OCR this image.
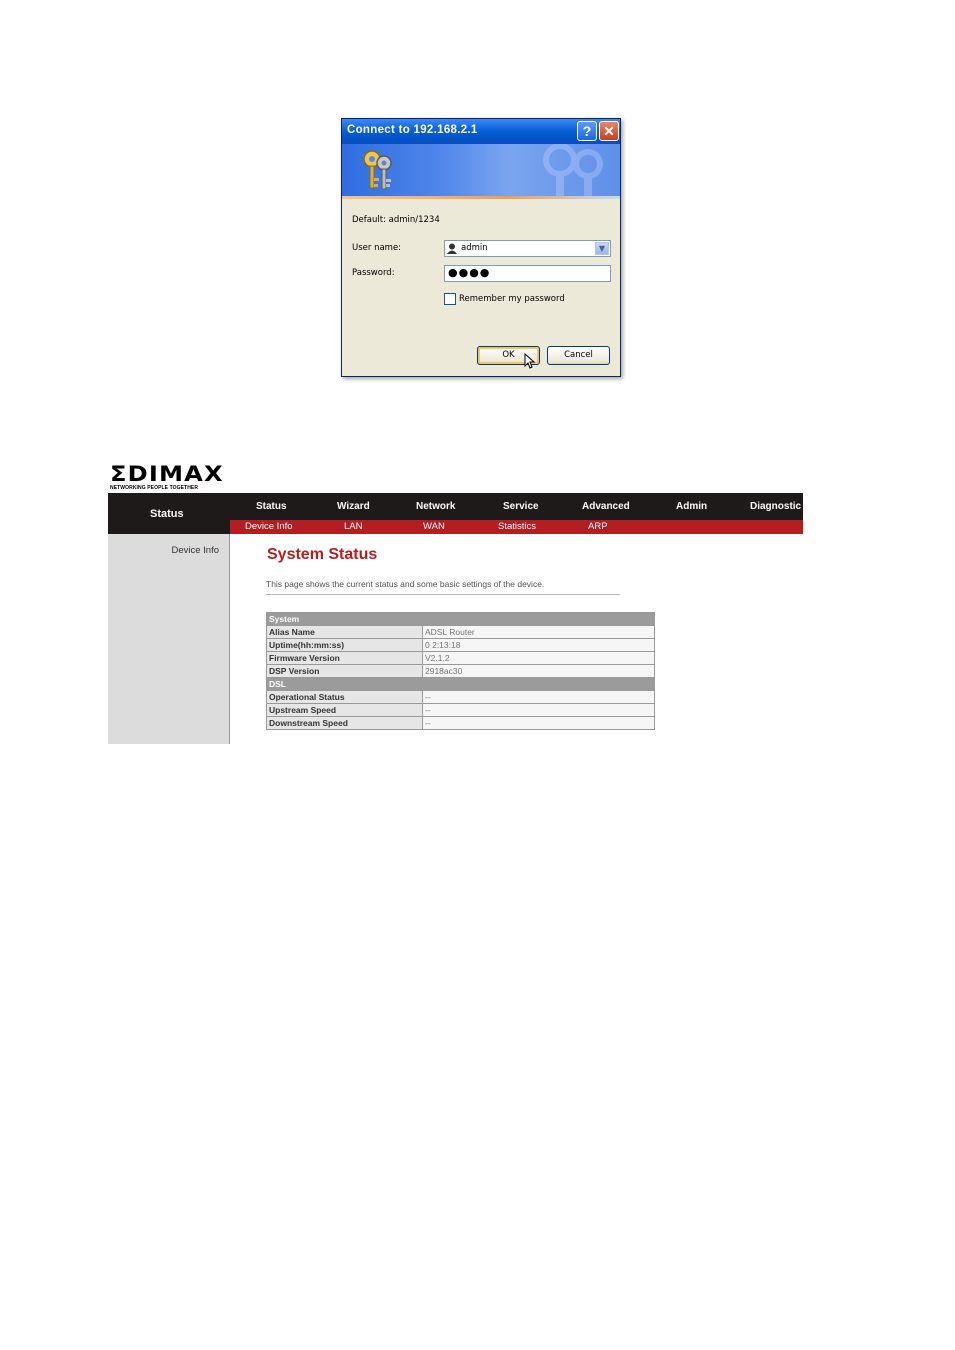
Connect to 192.168.2.1	? ✕
Default: admin/1234
User name:	admin	▼
Password:	●●●●
Remember my password
OK	Cancel
ΣDIMAX
NETWORKING PEOPLE TOGETHER
Status	Wizard	Network	Service	Advanced	Admin	Diagnostic
Device Info	LAN	WAN	Statistics	ARP
Status
Device Info	System Status
This page shows the current status and some basic settings of the device.
System	
Alias Name	ADSL Router
Uptime(hh:mm:ss)	0 2:13:18
Firmware Version	V2.1.2
DSP Version	2918ac30
DSL	
Operational Status	--
Upstream Speed	--
Downstream Speed	--
